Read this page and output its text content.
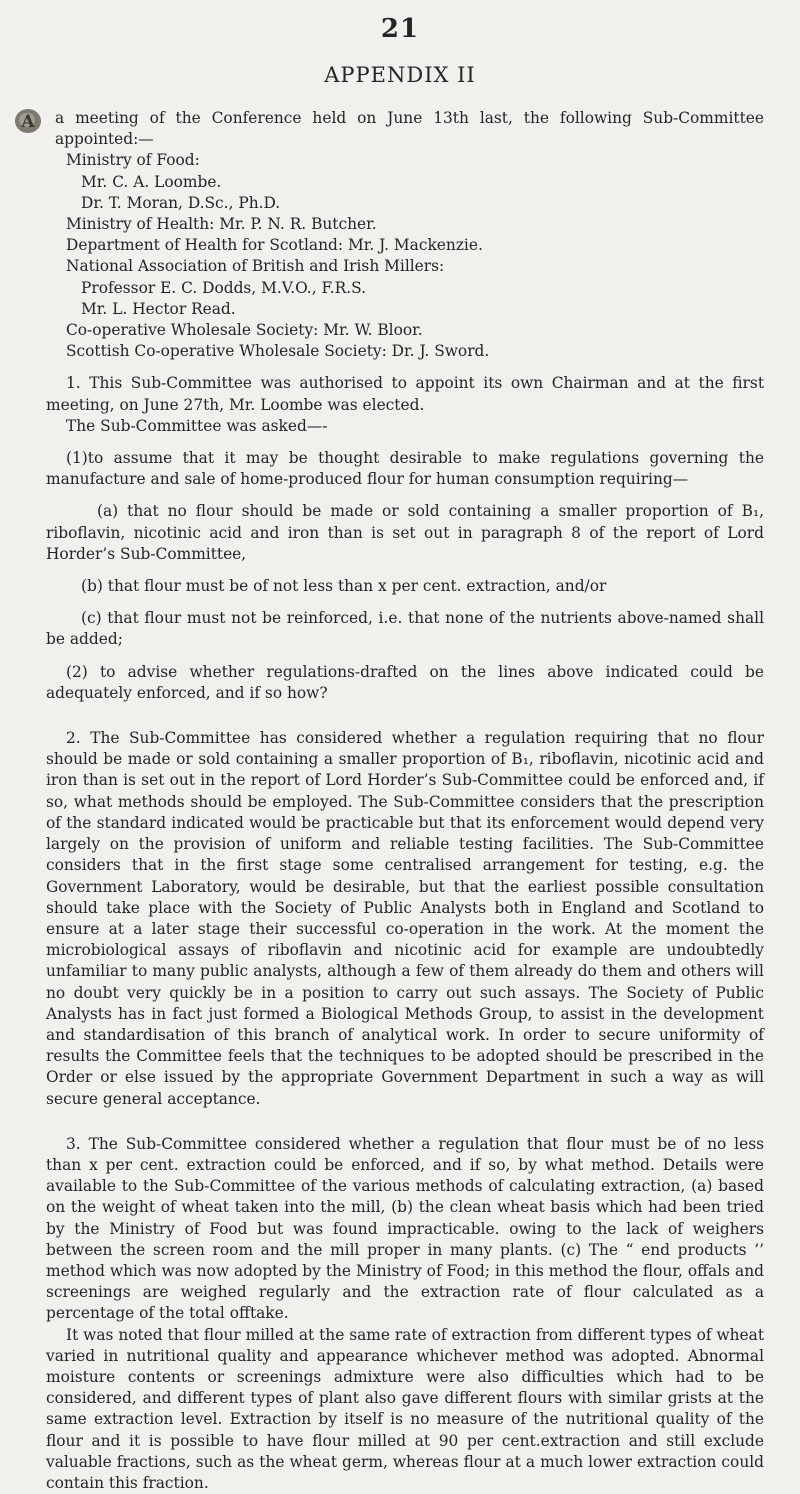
21
APPENDIX II

A a meeting of the Conference held on June 13th last, the following Sub-Committee appointed:—

Ministry of Food:

Mr. C. A. Loombe.

Dr. T. Moran, D.Sc., Ph.D.

Ministry of Health: Mr. P. N. R. Butcher.

Department of Health for Scotland: Mr. J. Mackenzie.

National Association of British and Irish Millers:

Professor E. C. Dodds, M.V.O., F.R.S.

Mr. L. Hector Read.

Co-operative Wholesale Society: Mr. W. Bloor.

Scottish Co-operative Wholesale Society: Dr. J. Sword.

1. This Sub-Committee was authorised to appoint its own Chairman and at the first meeting, on June 27th, Mr. Loombe was elected.

The Sub-Committee was asked—-

(1)to assume that it may be thought desirable to make regulations governing the manufacture and sale of home-produced flour for human consumption requiring—

(a) that no flour should be made or sold containing a smaller proportion of B₁, riboflavin, nicotinic acid and iron than is set out in paragraph 8 of the report of Lord Horder’s Sub-Committee,

(b) that flour must be of not less than x per cent. extraction, and/or

(c) that flour must not be reinforced, i.e. that none of the nutrients above-named shall be added;

(2) to advise whether regulations-drafted on the lines above indicated could be adequately enforced, and if so how?

2. The Sub-Committee has considered whether a regulation requiring that no flour should be made or sold containing a smaller proportion of B₁, riboflavin, nicotinic acid and iron than is set out in the report of Lord Horder’s Sub-Committee could be enforced and, if so, what methods should be employed. The Sub-Committee considers that the prescription of the standard indicated would be practicable but that its enforcement would depend very largely on the provision of uniform and reliable testing facilities. The Sub-Committee considers that in the first stage some centralised arrangement for testing, e.g. the Government Laboratory, would be desirable, but that the earliest possible consultation should take place with the Society of Public Analysts both in England and Scotland to ensure at a later stage their successful co-operation in the work. At the moment the microbiological assays of riboflavin and nicotinic acid for example are undoubtedly unfamiliar to many public analysts, although a few of them already do them and others will no doubt very quickly be in a position to carry out such assays. The Society of Public Analysts has in fact just formed a Biological Methods Group, to assist in the development and standardisation of this branch of analytical work. In order to secure uniformity of results the Committee feels that the techniques to be adopted should be prescribed in the Order or else issued by the appropriate Government Department in such a way as will secure general acceptance.

3. The Sub-Committee considered whether a regulation that flour must be of no less than x per cent. extraction could be enforced, and if so, by what method. Details were available to the Sub-Committee of the various methods of calculating extraction, (a) based on the weight of wheat taken into the mill, (b) the clean wheat basis which had been tried by the Ministry of Food but was found impracticable. owing to the lack of weighers between the screen room and the mill proper in many plants. (c) The “ end products ’’ method which was now adopted by the Ministry of Food; in this method the flour, offals and screenings are weighed regularly and the extraction rate of flour calculated as a percentage of the total offtake.

It was noted that flour milled at the same rate of extraction from different types of wheat varied in nutritional quality and appearance whichever method was adopted. Abnormal moisture contents or screenings admixture were also difficulties which had to be considered, and different types of plant also gave different flours with similar grists at the same extraction level. Extraction by itself is no measure of the nutritional quality of the flour and it is possible to have flour milled at 90 per cent.extraction and still exclude valuable fractions, such as the wheat germ, whereas flour at a much lower extraction could contain this fraction.
